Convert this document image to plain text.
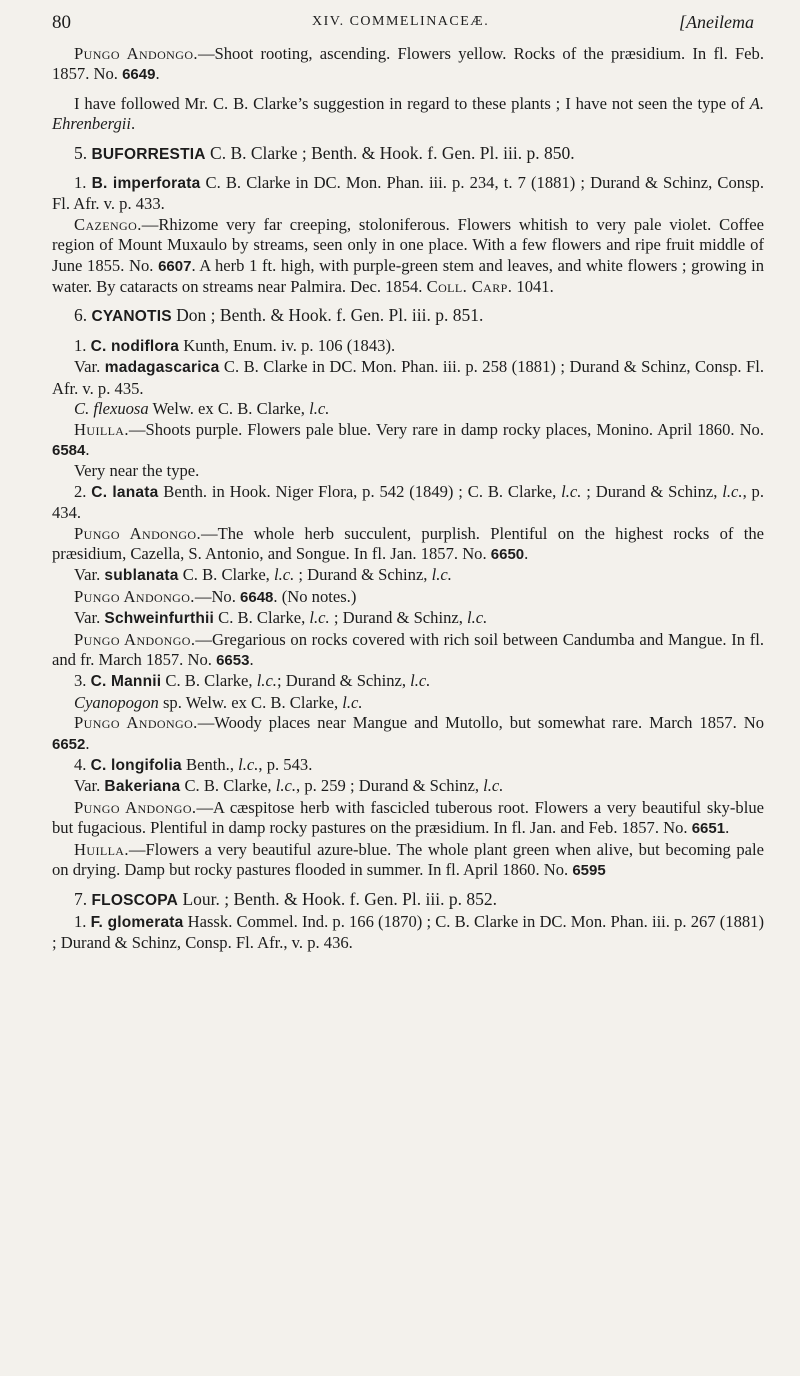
80	XIV. COMMELINACEÆ.	[Aneilema

Pungo Andongo.—Shoot rooting, ascending. Flowers yellow. Rocks of the præsidium. In fl. Feb. 1857. No. 6649.

I have followed Mr. C. B. Clarke’s suggestion in regard to these plants ; I have not seen the type of A. Ehrenbergii.

5. BUFORRESTIA C. B. Clarke ; Benth. & Hook. f. Gen. Pl. iii. p. 850.

1. B. imperforata C. B. Clarke in DC. Mon. Phan. iii. p. 234, t. 7 (1881) ; Durand & Schinz, Consp. Fl. Afr. v. p. 433.

Cazengo.—Rhizome very far creeping, stoloniferous. Flowers whitish to very pale violet. Coffee region of Mount Muxaulo by streams, seen only in one place. With a few flowers and ripe fruit middle of June 1855. No. 6607. A herb 1 ft. high, with purple-green stem and leaves, and white flowers ; growing in water. By cataracts on streams near Palmira. Dec. 1854. Coll. Carp. 1041.

6. CYANOTIS Don ; Benth. & Hook. f. Gen. Pl. iii. p. 851.

1. C. nodiflora Kunth, Enum. iv. p. 106 (1843).

Var. madagascarica C. B. Clarke in DC. Mon. Phan. iii. p. 258 (1881) ; Durand & Schinz, Consp. Fl. Afr. v. p. 435.

C. flexuosa Welw. ex C. B. Clarke, l.c.

Huilla.—Shoots purple. Flowers pale blue. Very rare in damp rocky places, Monino. April 1860. No. 6584.

Very near the type.

2. C. lanata Benth. in Hook. Niger Flora, p. 542 (1849) ; C. B. Clarke, l.c. ; Durand & Schinz, l.c., p. 434.

Pungo Andongo.—The whole herb succulent, purplish. Plentiful on the highest rocks of the præsidium, Cazella, S. Antonio, and Songue. In fl. Jan. 1857. No. 6650.

Var. sublanata C. B. Clarke, l.c. ; Durand & Schinz, l.c.

Pungo Andongo.—No. 6648. (No notes.)

Var. Schweinfurthii C. B. Clarke, l.c. ; Durand & Schinz, l.c.

Pungo Andongo.—Gregarious on rocks covered with rich soil between Candumba and Mangue. In fl. and fr. March 1857. No. 6653.

3. C. Mannii C. B. Clarke, l.c.; Durand & Schinz, l.c.

Cyanopogon sp. Welw. ex C. B. Clarke, l.c.

Pungo Andongo.—Woody places near Mangue and Mutollo, but somewhat rare. March 1857. No 6652.

4. C. longifolia Benth., l.c., p. 543.

Var. Bakeriana C. B. Clarke, l.c., p. 259 ; Durand & Schinz, l.c.

Pungo Andongo.—A cæspitose herb with fascicled tuberous root. Flowers a very beautiful sky-blue but fugacious. Plentiful in damp rocky pastures on the præsidium. In fl. Jan. and Feb. 1857. No. 6651.

Huilla.—Flowers a very beautiful azure-blue. The whole plant green when alive, but becoming pale on drying. Damp but rocky pastures flooded in summer. In fl. April 1860. No. 6595

7. FLOSCOPA Lour. ; Benth. & Hook. f. Gen. Pl. iii. p. 852.

1. F. glomerata Hassk. Commel. Ind. p. 166 (1870) ; C. B. Clarke in DC. Mon. Phan. iii. p. 267 (1881) ; Durand & Schinz, Consp. Fl. Afr., v. p. 436.
